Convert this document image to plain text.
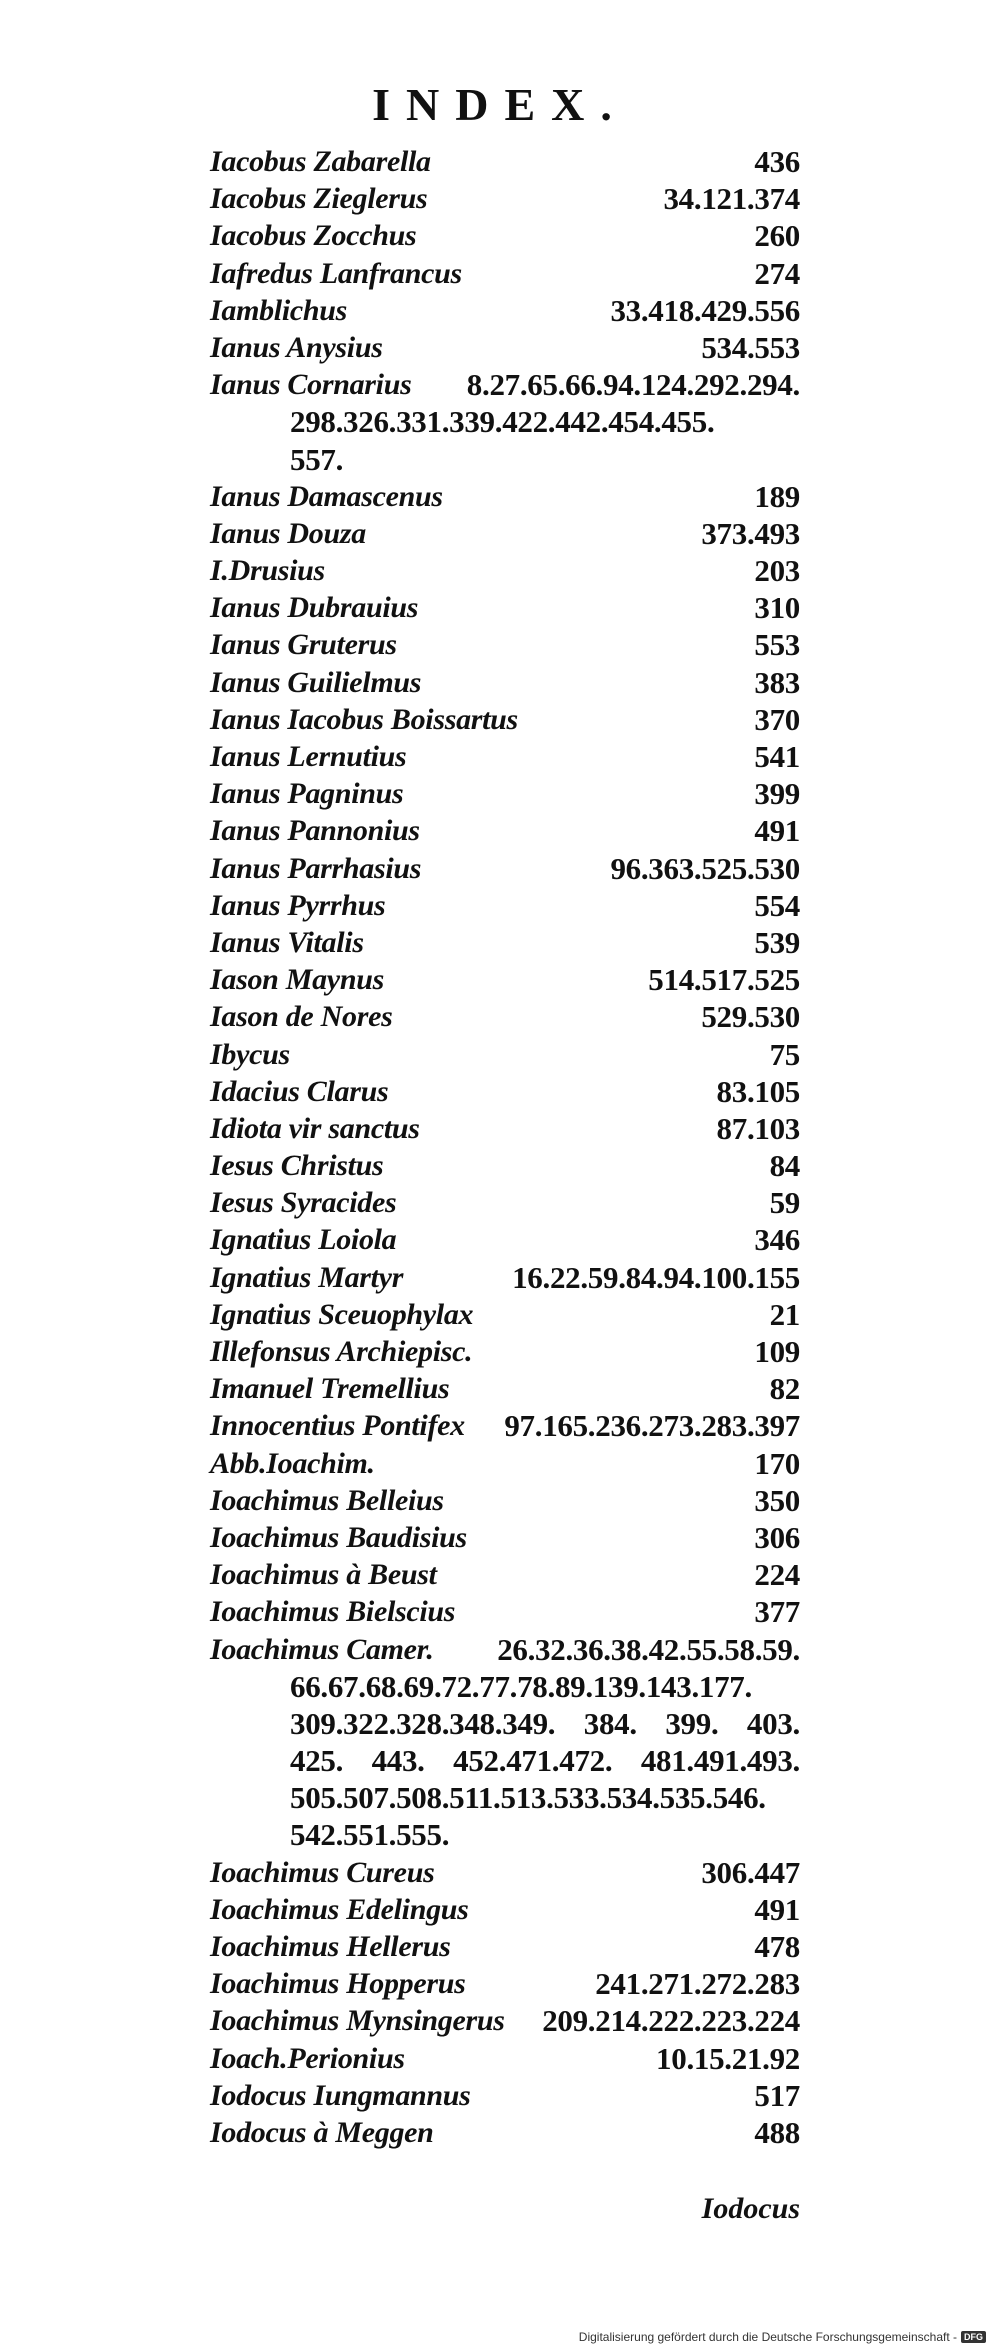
INDEX.
Iacobus Zabarella	436
Iacobus Zieglerus	34.121.374
Iacobus Zocchus	260
Iafredus Lanfrancus	274
Iamblichus	33.418.429.556
Ianus Anysius	534.553
Ianus Cornarius 8.27.65.66.94.124.292.294.
298.326.331.339.422.442.454.455.
557.
Ianus Damascenus	189
Ianus Douza	373.493
I.Drusius	203
Ianus Dubrauius	310
Ianus Gruterus	553
Ianus Guilielmus	383
Ianus Iacobus Boissartus	370
Ianus Lernutius	541
Ianus Pagninus	399
Ianus Pannonius	491
Ianus Parrhasius	96.363.525.530
Ianus Pyrrhus	554
Ianus Vitalis	539
Iason Maynus	514.517.525
Iason de Nores	529.530
Ibycus	75
Idacius Clarus	83.105
Idiota vir sanctus	87.103
Iesus Christus	84
Iesus Syracides	59
Ignatius Loiola	346
Ignatius Martyr	16.22.59.84.94.100.155
Ignatius Sceuophylax	21
Illefonsus Archiepisc.	109
Imanuel Tremellius	82
Innocentius Pontifex 97.165.236.273.283.397
Abb.Ioachim.	170
Ioachimus Belleius	350
Ioachimus Baudisius	306
Ioachimus à Beust	224
Ioachimus Bielscius	377
Ioachimus Camer. 26.32.36.38.42.55.58.59.
66.67.68.69.72.77.78.89.139.143.177.
309.322.328.348.349. 384. 399. 403.
425. 443. 452.471.472. 481.491.493.
505.507.508.511.513.533.534.535.546.
542.551.555.
Ioachimus Cureus	306.447
Ioachimus Edelingus	491
Ioachimus Hellerus	478
Ioachimus Hopperus	241.271.272.283
Ioachimus Mynsingerus 209.214.222.223.224
Ioach.Perionius	10.15.21.92
Iodocus Iungmannus	517
Iodocus à Meggen	488
Iodocus
Digitalisierung gefördert durch die Deutsche Forschungsgemeinschaft - DFG
